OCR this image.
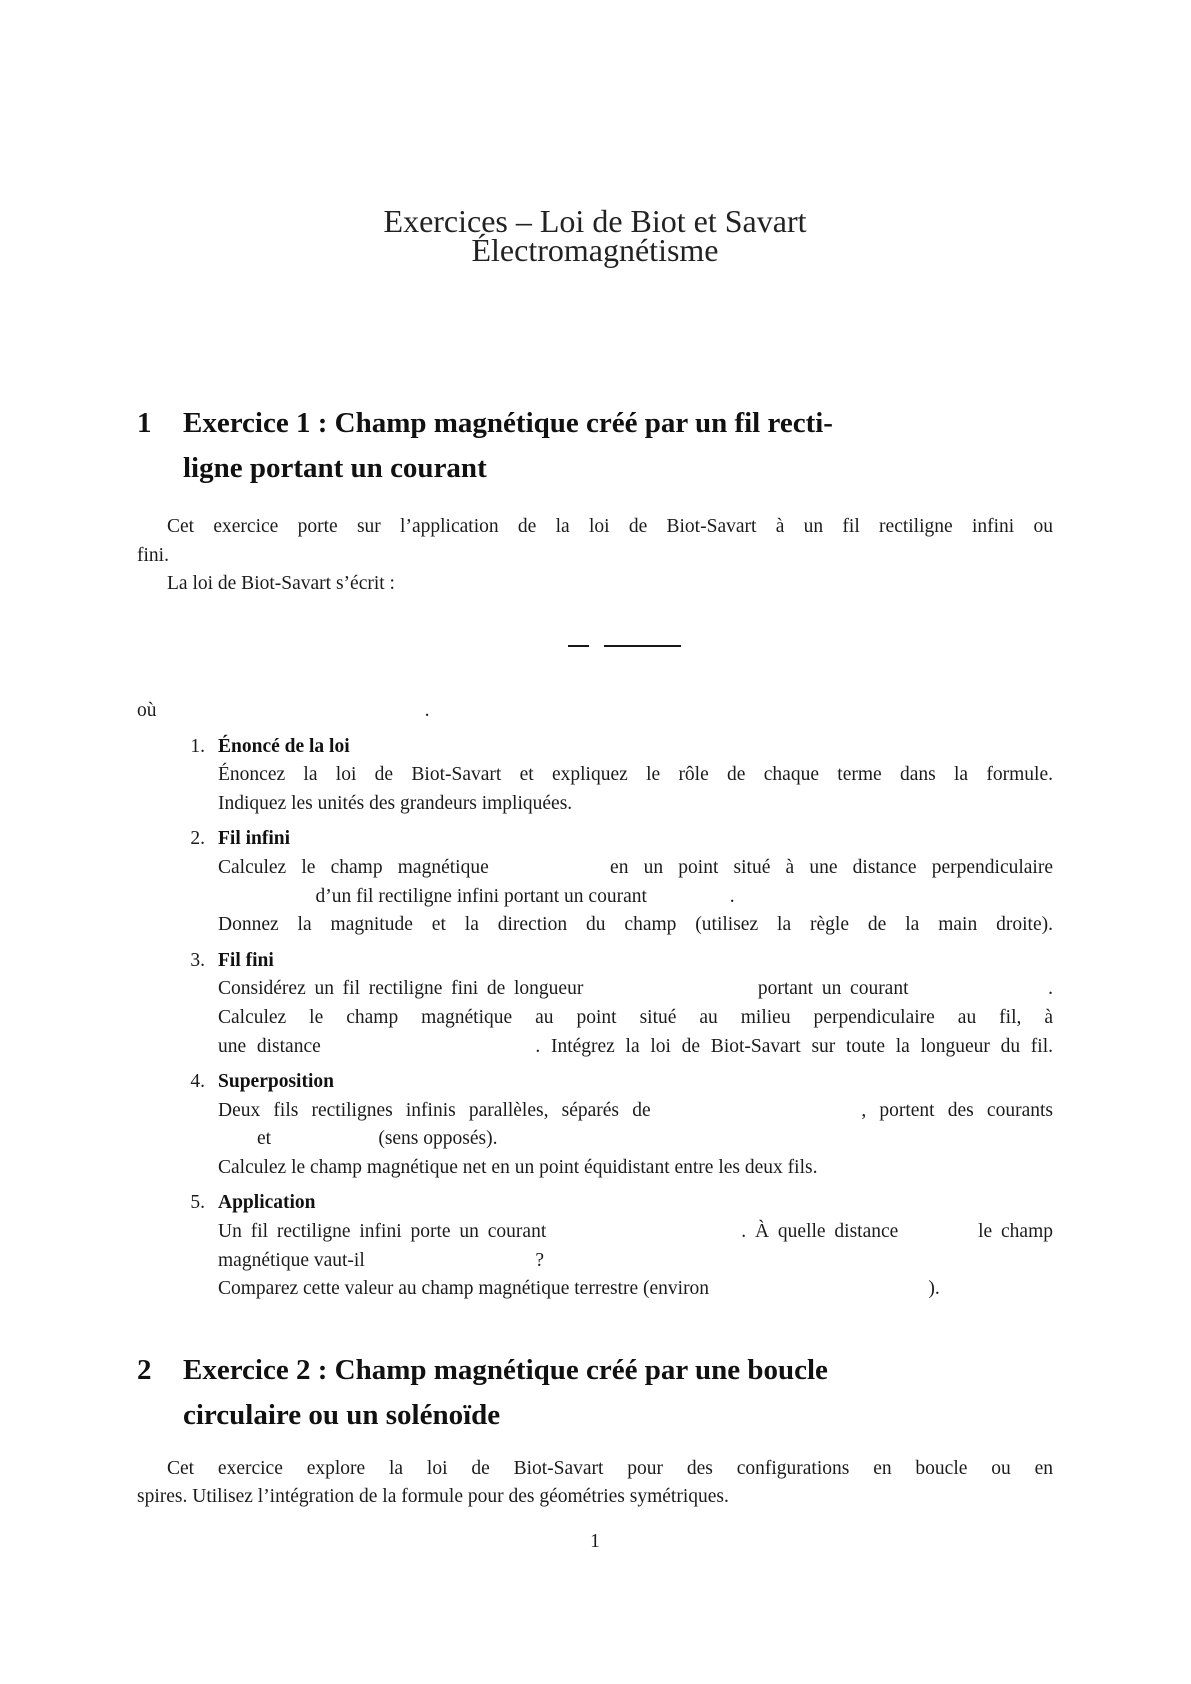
Exercices – Loi de Biot et Savart
Électromagnétisme
1	Exercice 1 : Champ magnétique créé par un fil recti-
ligne portant un courant
Cet exercice porte sur l’application de la loi de Biot-Savart à un fil rectiligne infini ou
fini.
La loi de Biot-Savart s’écrit :
où                                                       .
1. Énoncé de la loi
Énoncez la loi de Biot-Savart et expliquez le rôle de chaque terme dans la formule.
Indiquez les unités des grandeurs impliquées.
2. Fil infini
Calculez le champ magnétique        en un point situé à une distance perpendiculaire
d’un fil rectiligne infini portant un courant                 .
Donnez la magnitude et la direction du champ (utilisez la règle de la main droite).
3. Fil fini
Considérez un fil rectiligne fini de longueur                    portant un courant                .
Calculez le champ magnétique au point situé au milieu perpendiculaire au fil, à
une distance                    . Intégrez la loi de Biot-Savart sur toute la longueur du fil.
4. Superposition
Deux fils rectilignes infinis parallèles, séparés de                , portent des courants
et                      (sens opposés).
Calculez le champ magnétique net en un point équidistant entre les deux fils.
5. Application
Un fil rectiligne infini porte un courant                      . À quelle distance         le champ
magnétique vaut-il                                   ?
Comparez cette valeur au champ magnétique terrestre (environ                                             ).
2	Exercice 2 : Champ magnétique créé par une boucle
circulaire ou un solénoïde
Cet exercice explore la loi de Biot-Savart pour des configurations en boucle ou en
spires. Utilisez l’intégration de la formule pour des géométries symétriques.
1
